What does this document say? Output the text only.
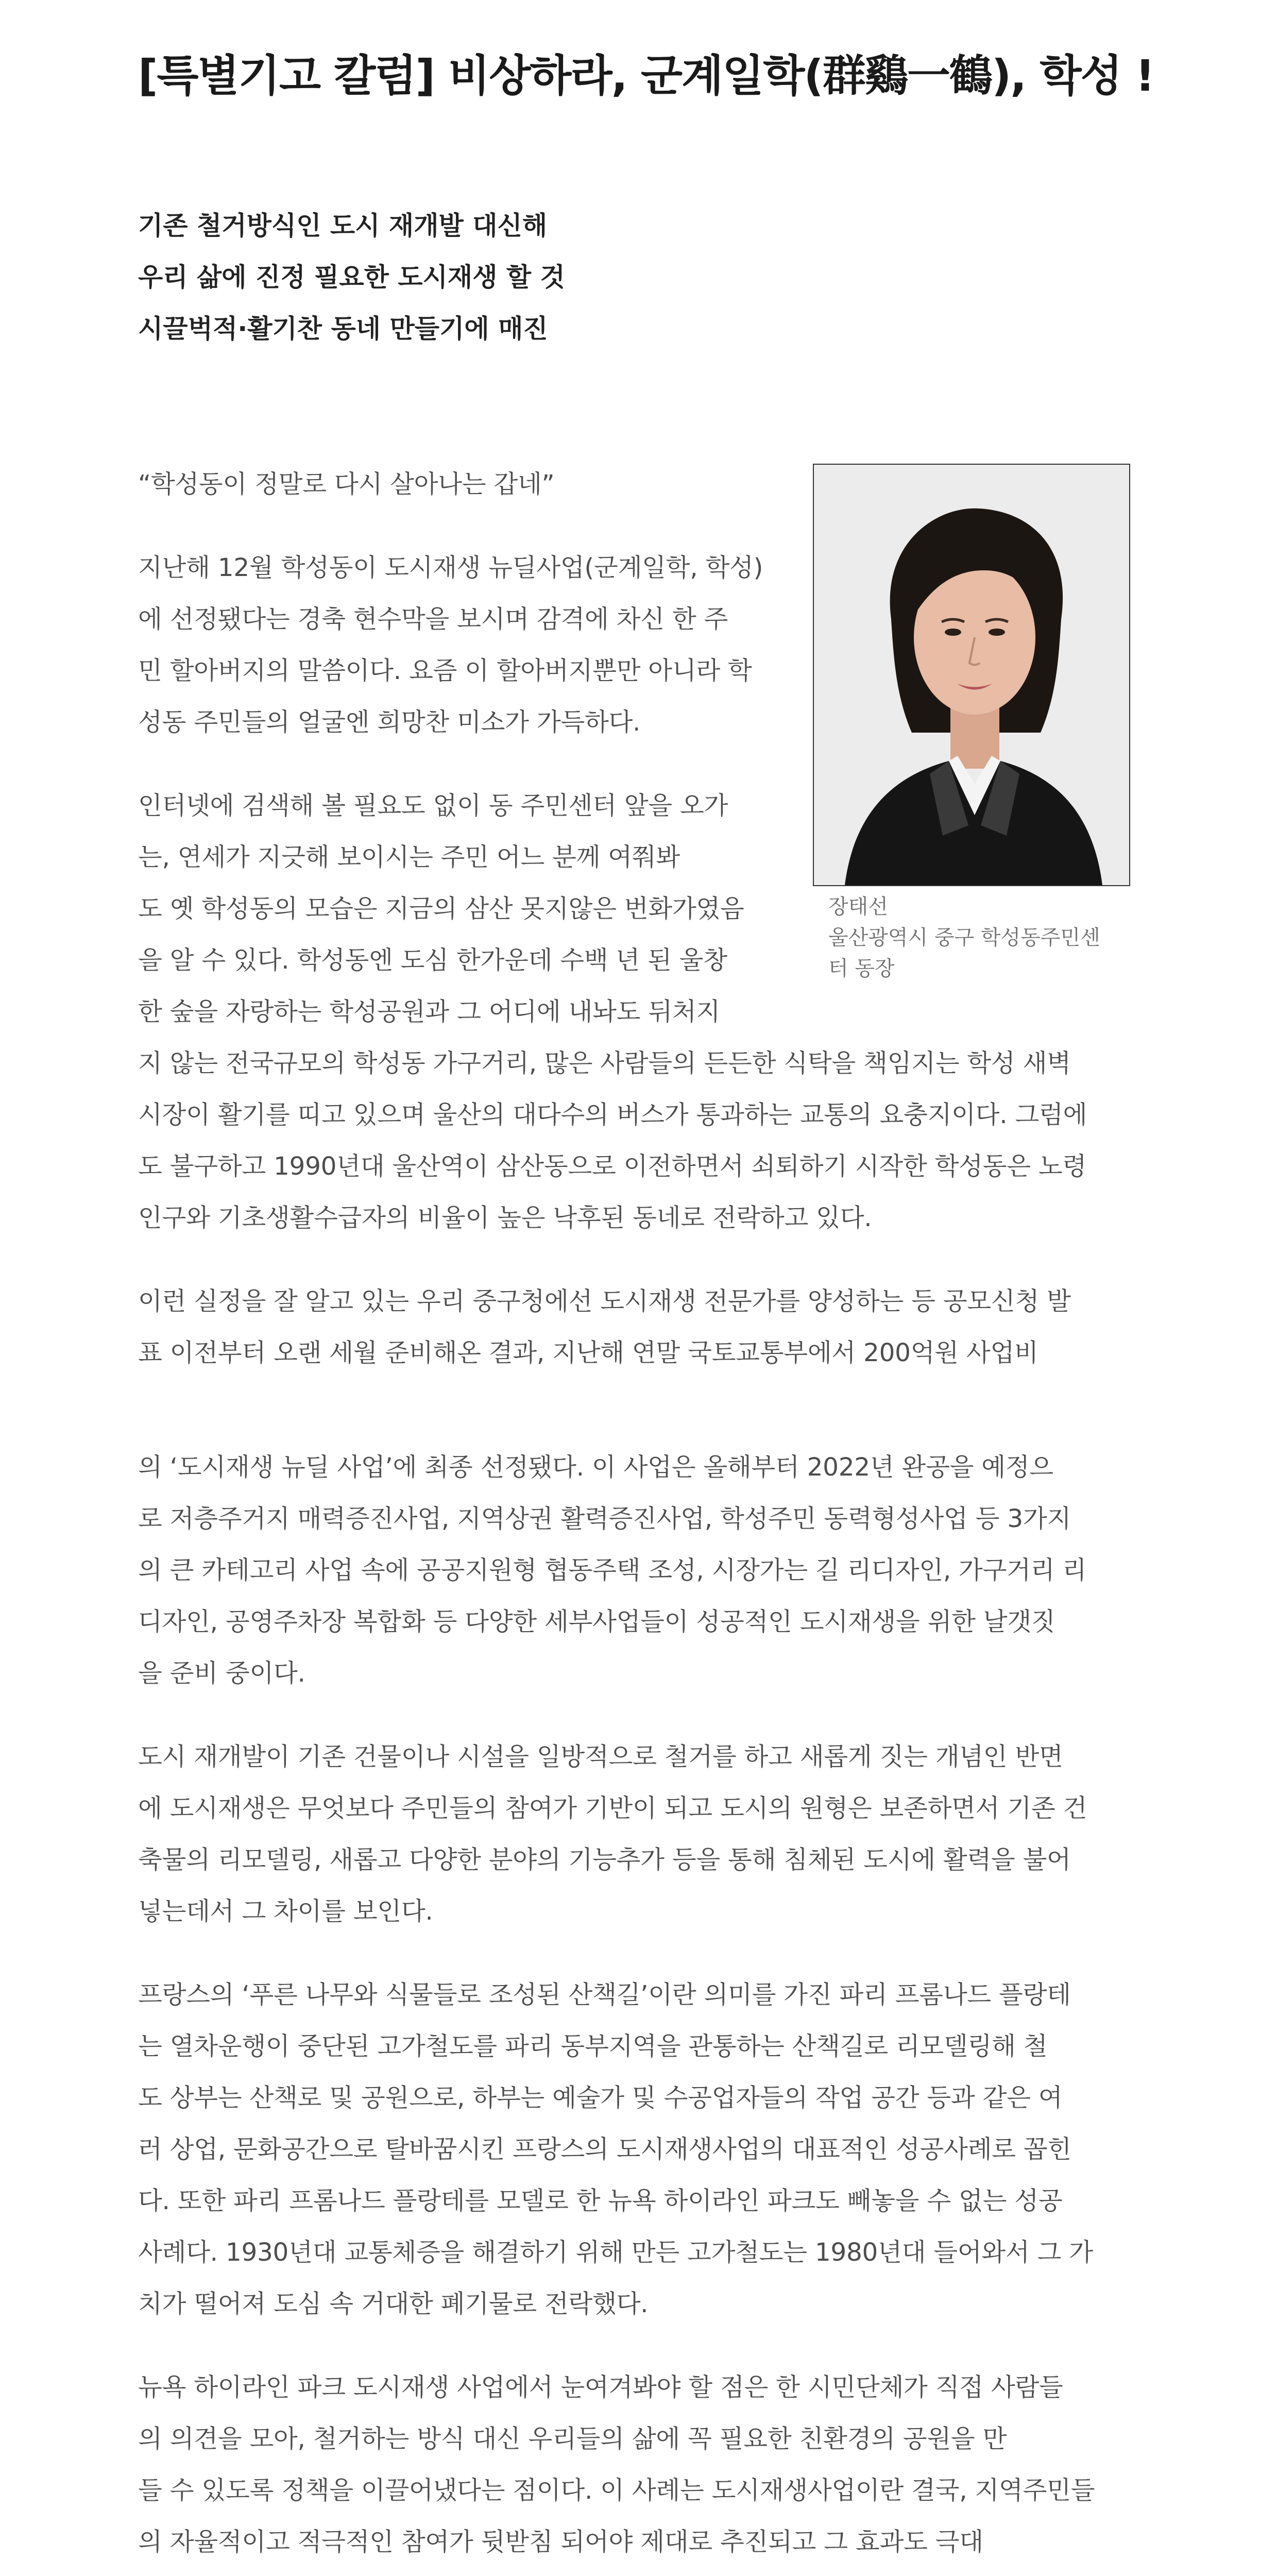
[특별기고 칼럼] 비상하라, 군계일학(群鷄一鶴), 학성 !
기존 철거방식인 도시 재개발 대신해
우리 삶에 진정 필요한 도시재생 할 것
시끌벅적·활기찬 동네 만들기에 매진
장태선
울산광역시 중구 학성동주민센
터 동장
“학성동이 정말로 다시 살아나는 갑네”
지난해 12월 학성동이 도시재생 뉴딜사업(군계일학, 학성)
에 선정됐다는 경축 현수막을 보시며 감격에 차신 한 주
민 할아버지의 말씀이다. 요즘 이 할아버지뿐만 아니라 학
성동 주민들의 얼굴엔 희망찬 미소가 가득하다.
인터넷에 검색해 볼 필요도 없이 동 주민센터 앞을 오가
는, 연세가 지긋해 보이시는 주민 어느 분께 여쭤봐
도 옛 학성동의 모습은 지금의 삼산 못지않은 번화가였음
을 알 수 있다. 학성동엔 도심 한가운데 수백 년 된 울창
한 숲을 자랑하는 학성공원과 그 어디에 내놔도 뒤처지
지 않는 전국규모의 학성동 가구거리, 많은 사람들의 든든한 식탁을 책임지는 학성 새벽
시장이 활기를 띠고 있으며 울산의 대다수의 버스가 통과하는 교통의 요충지이다. 그럼에
도 불구하고 1990년대 울산역이 삼산동으로 이전하면서 쇠퇴하기 시작한 학성동은 노령
인구와 기초생활수급자의 비율이 높은 낙후된 동네로 전락하고 있다.
이런 실정을 잘 알고 있는 우리 중구청에선 도시재생 전문가를 양성하는 등 공모신청 발
표 이전부터 오랜 세월 준비해온 결과, 지난해 연말 국토교통부에서 200억원 사업비
의 ‘도시재생 뉴딜 사업’에 최종 선정됐다. 이 사업은 올해부터 2022년 완공을 예정으
로 저층주거지 매력증진사업, 지역상권 활력증진사업, 학성주민 동력형성사업 등 3가지
의 큰 카테고리 사업 속에 공공지원형 협동주택 조성, 시장가는 길 리디자인, 가구거리 리
디자인, 공영주차장 복합화 등 다양한 세부사업들이 성공적인 도시재생을 위한 날갯짓
을 준비 중이다.
도시 재개발이 기존 건물이나 시설을 일방적으로 철거를 하고 새롭게 짓는 개념인 반면
에 도시재생은 무엇보다 주민들의 참여가 기반이 되고 도시의 원형은 보존하면서 기존 건
축물의 리모델링, 새롭고 다양한 분야의 기능추가 등을 통해 침체된 도시에 활력을 불어
넣는데서 그 차이를 보인다.
프랑스의 ‘푸른 나무와 식물들로 조성된 산책길’이란 의미를 가진 파리 프롬나드 플랑테
는 열차운행이 중단된 고가철도를 파리 동부지역을 관통하는 산책길로 리모델링해 철
도 상부는 산책로 및 공원으로, 하부는 예술가 및 수공업자들의 작업 공간 등과 같은 여
러 상업, 문화공간으로 탈바꿈시킨 프랑스의 도시재생사업의 대표적인 성공사례로 꼽힌
다. 또한 파리 프롬나드 플랑테를 모델로 한 뉴욕 하이라인 파크도 빼놓을 수 없는 성공
사례다. 1930년대 교통체증을 해결하기 위해 만든 고가철도는 1980년대 들어와서 그 가
치가 떨어져 도심 속 거대한 폐기물로 전락했다.
뉴욕 하이라인 파크 도시재생 사업에서 눈여겨봐야 할 점은 한 시민단체가 직접 사람들
의 의견을 모아, 철거하는 방식 대신 우리들의 삶에 꼭 필요한 친환경의 공원을 만
들 수 있도록 정책을 이끌어냈다는 점이다. 이 사례는 도시재생사업이란 결국, 지역주민들
의 자율적이고 적극적인 참여가 뒷받침 되어야 제대로 추진되고 그 효과도 극대
